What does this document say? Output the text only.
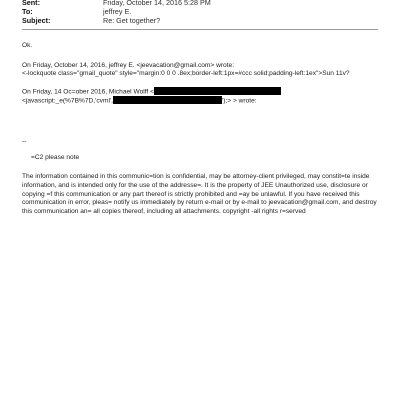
Sent:	Friday, October 14, 2016 5:28 PM
To:	jeffrey E.
Subject:	Re: Get together?
Ok.
On Friday, October 14, 2016, jeffrey E. <jeevacation@gmail.com> wrote:
<-lockquote class="gmail_quote" style="margin:0 0 0 .8ex;border-left:1px=#ccc solid;padding-left:1ex">Sun 11v?
On Friday, 14 Oc=ober 2016, Michael Wolff <
<javascript:_e(%7B%7D,'cvml',	');> > wrote:
--
=C2 please note
The information contained in this communic=tion is confidential, may be attorney-client privileged, may constit=te inside information, and is intended only for the use of the addresse=. It is the property of JEE Unauthorized use, disclosure or copying =f this communication or any part thereof is strictly prohibited and =ay be unlawful. If you have received this communication in error, pleas= notify us immediately by return e-mail or by e-mail to jeevacation@gmail.com, and destroy this communication an= all copies thereof, including all attachments. copyright -all rights r=served
